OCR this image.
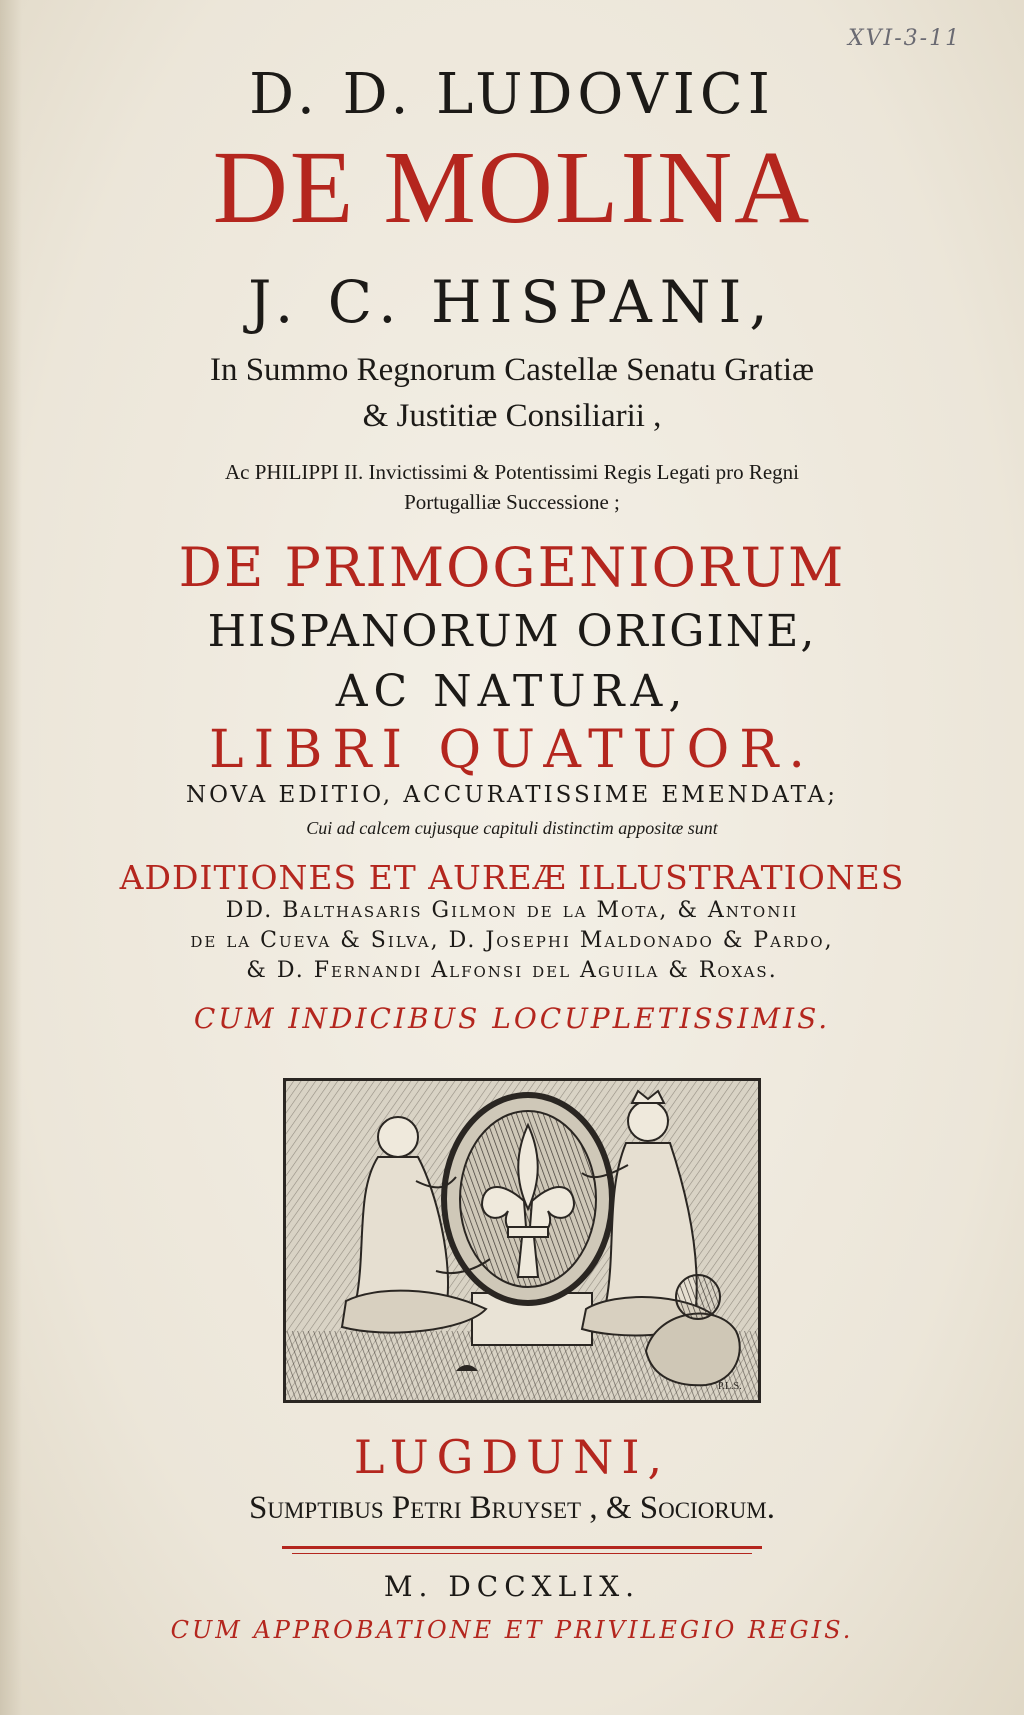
XVI-3-11
D. D. LUDOVICI
DE MOLINA
J. C. HISPANI,
In Summo Regnorum Castellæ Senatu Gratiæ
& Justitiæ Consiliarii ,
Ac PHILIPPI II. Invictissimi & Potentissimi Regis Legati pro Regni
Portugalliæ Successione ;
DE PRIMOGENIORUM
HISPANORUM ORIGINE,
AC NATURA,
LIBRI QUATUOR.
NOVA EDITIO, ACCURATISSIME EMENDATA;
Cui ad calcem cujusque capituli distinctim appositæ sunt
ADDITIONES ET AUREÆ ILLUSTRATIONES
DD. Balthasaris Gilmon de la Mota, & Antonii
de la Cueva & Silva, D. Josephi Maldonado & Pardo,
& D. Fernandi Alfonsi del Aguila & Roxas.
CUM INDICIBUS LOCUPLETISSIMIS.
P.L.S.
LUGDUNI,
Sumptibus Petri Bruyset , & Sociorum.
M. DCCXLIX.
CUM APPROBATIONE ET PRIVILEGIO REGIS.
